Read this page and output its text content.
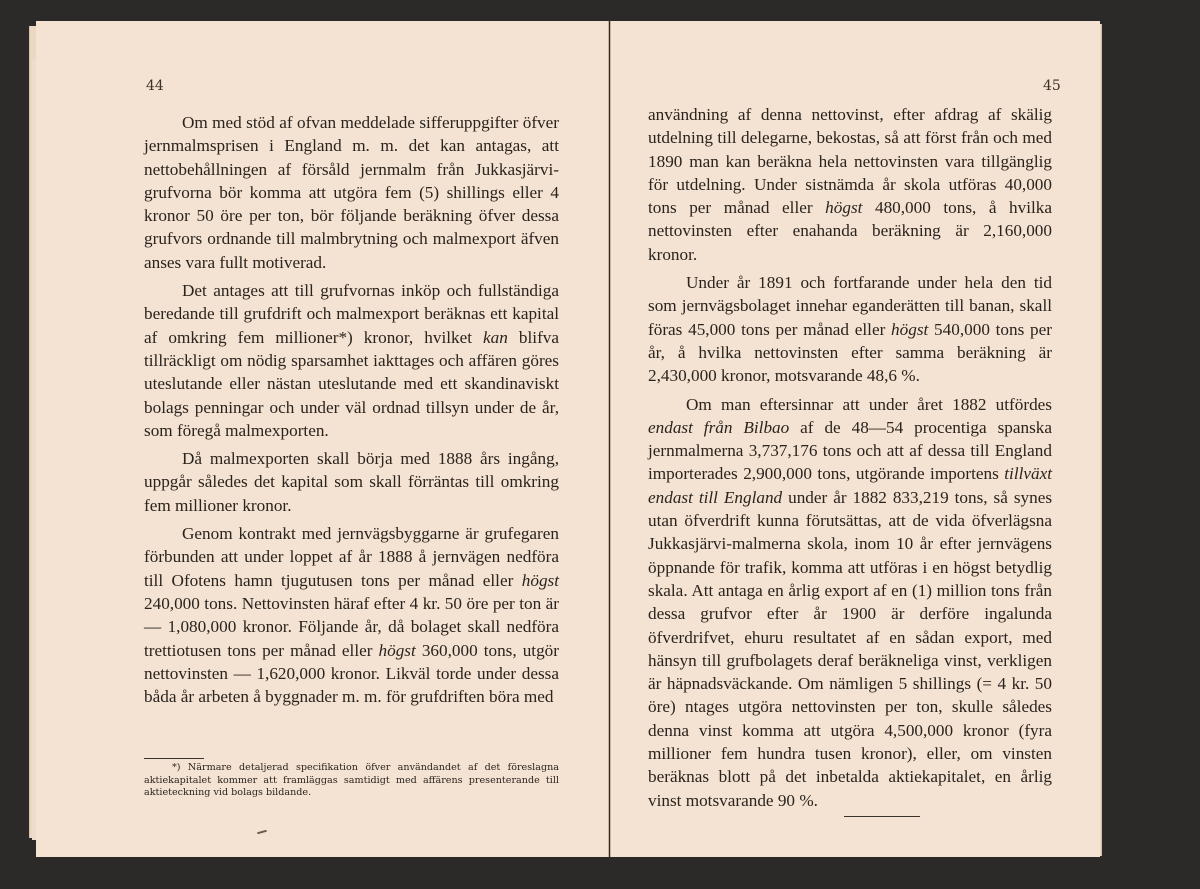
44

Om med stöd af ofvan meddelade sifferuppgifter öfver jernmalmsprisen i England m. m. det kan antagas, att nettobehållningen af försåld jernmalm från Jukkasjärvi-grufvorna bör komma att utgöra fem (5) shillings eller 4 kronor 50 öre per ton, bör följande beräkning öfver dessa grufvors ordnande till malmbrytning och malmexport äfven anses vara fullt motiverad.

Det antages att till grufvornas inköp och fullständiga beredande till grufdrift och malmexport beräknas ett kapital af omkring fem millioner*) kronor, hvilket kan blifva tillräckligt om nödig sparsamhet iakttages och affären göres uteslutande eller nästan uteslutande med ett skandinaviskt bolags penningar och under väl ordnad tillsyn under de år, som föregå malmexporten.

Då malmexporten skall börja med 1888 års ingång, uppgår således det kapital som skall förräntas till omkring fem millioner kronor.

Genom kontrakt med jernvägsbyggarne är grufegaren förbunden att under loppet af år 1888 å jernvägen nedföra till Ofotens hamn tjugutusen tons per månad eller högst 240,000 tons. Nettovinsten häraf efter 4 kr. 50 öre per ton är — 1,080,000 kronor. Följande år, då bolaget skall nedföra trettiotusen tons per månad eller högst 360,000 tons, utgör nettovinsten — 1,620,000 kronor. Likväl torde under dessa båda år arbeten å byggnader m. m. för grufdriften böra med

*) Närmare detaljerad specifikation öfver användandet af det föreslagna aktiekapitalet kommer att framläggas samtidigt med affärens presenterande till aktieteckning vid bolags bildande.

45

användning af denna nettovinst, efter afdrag af skälig utdelning till delegarne, bekostas, så att först från och med 1890 man kan beräkna hela nettovinsten vara tillgänglig för utdelning. Under sistnämda år skola utföras 40,000 tons per månad eller högst 480,000 tons, å hvilka nettovinsten efter enahanda beräkning är 2,160,000 kronor.

Under år 1891 och fortfarande under hela den tid som jernvägsbolaget innehar eganderätten till banan, skall föras 45,000 tons per månad eller högst 540,000 tons per år, å hvilka nettovinsten efter samma beräkning är 2,430,000 kronor, motsvarande 48,6 %.

Om man eftersinnar att under året 1882 utfördes endast från Bilbao af de 48—54 procentiga spanska jernmalmerna 3,737,176 tons och att af dessa till England importerades 2,900,000 tons, utgörande importens tillväxt endast till England under år 1882 833,219 tons, så synes utan öfverdrift kunna förutsättas, att de vida öfverlägsna Jukkasjärvi-malmerna skola, inom 10 år efter jernvägens öppnande för trafik, komma att utföras i en högst betydlig skala. Att antaga en årlig export af en (1) million tons från dessa grufvor efter år 1900 är derföre ingalunda öfverdrifvet, ehuru resultatet af en sådan export, med hänsyn till grufbolagets deraf beräkneliga vinst, verkligen är häpnadsväckande. Om nämligen 5 shillings (= 4 kr. 50 öre) ntages utgöra nettovinsten per ton, skulle således denna vinst komma att utgöra 4,500,000 kronor (fyra millioner fem hundra tusen kronor), eller, om vinsten beräknas blott på det inbetalda aktiekapitalet, en årlig vinst motsvarande 90 %.
